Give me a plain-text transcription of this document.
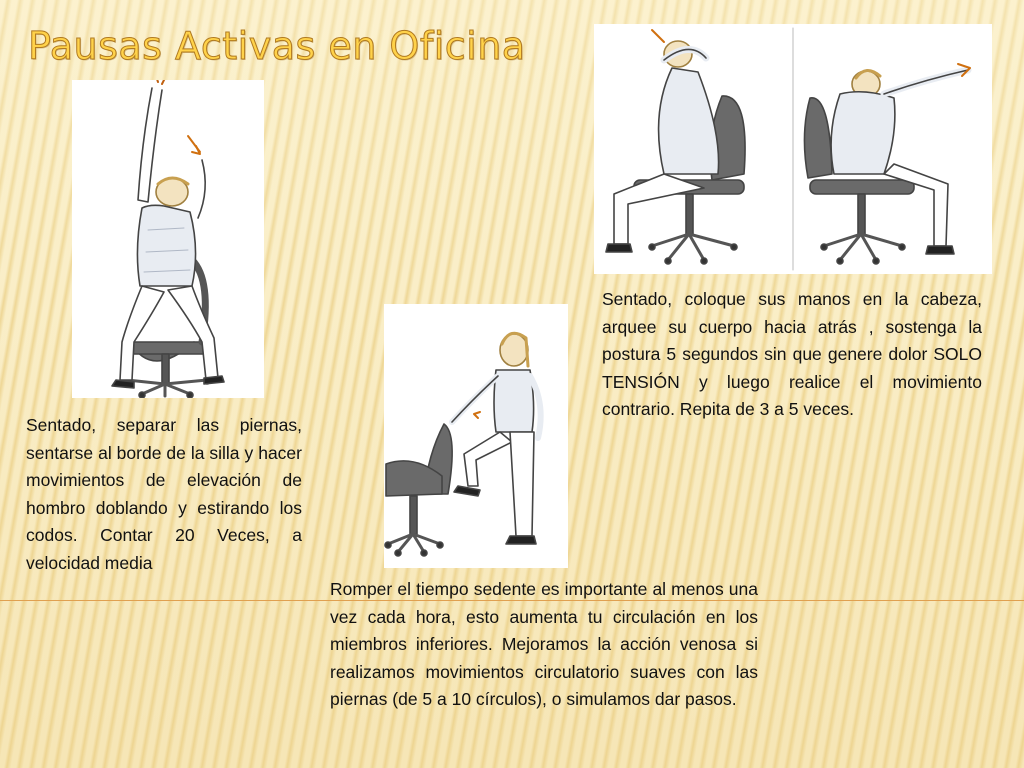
Pausas Activas en Oficina

Sentado, separar las piernas, sentarse al borde de la silla y hacer movimientos de elevación de hombro doblando y estirando los codos. Contar 20 Veces, a velocidad media

Romper el tiempo sedente es importante al menos una vez cada hora, esto aumenta tu circulación en los miembros inferiores. Mejoramos la acción venosa si realizamos movimientos circulatorio suaves con las piernas (de 5 a 10 círculos), o simulamos dar pasos.

Sentado, coloque sus manos en la cabeza, arquee su cuerpo hacia atrás , sostenga la postura 5 segundos sin que genere dolor SOLO TENSIÓN y luego realice el movimiento contrario. Repita de 3 a 5 veces.
